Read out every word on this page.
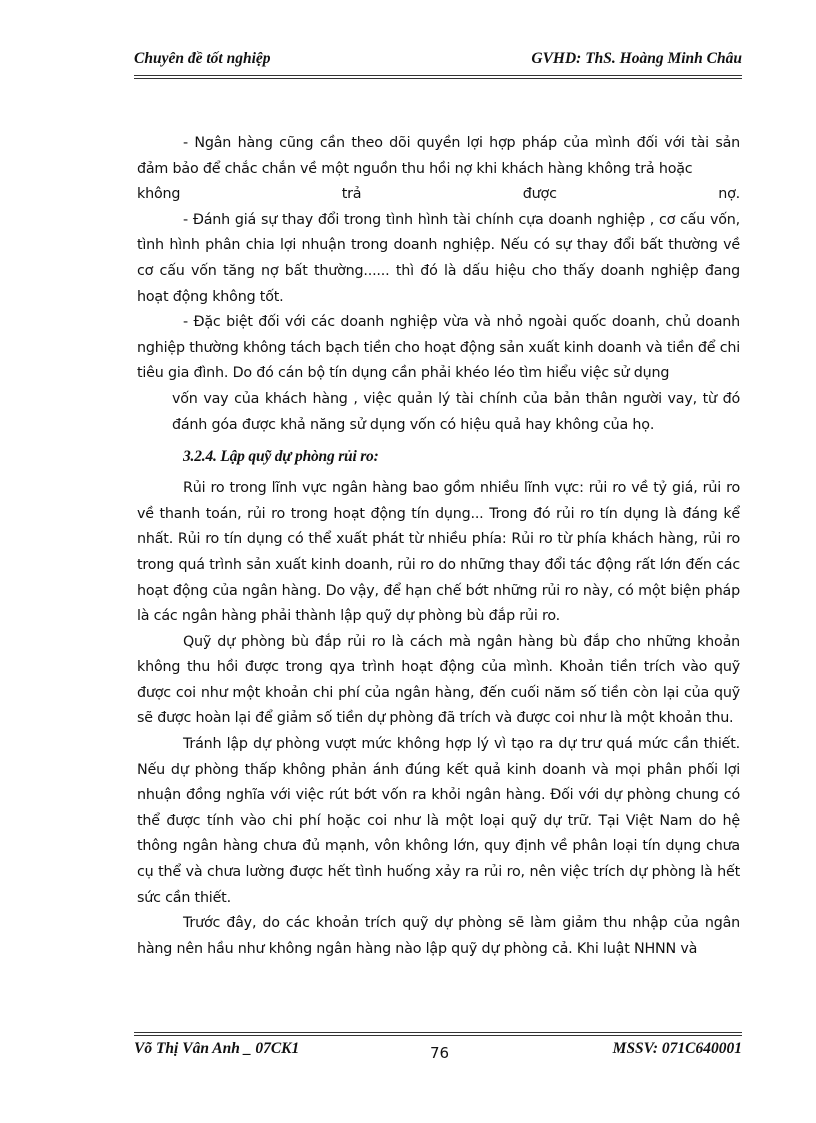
Chuyên đề tốt nghiệp	GVHD: ThS. Hoàng Minh Châu

- Ngân hàng cũng cần theo dõi quyền lợi hợp pháp của mình đối với tài sản đảm bảo để chắc chắn về một nguồn thu hồi nợ khi khách hàng không trả hoặc

không	trả	được	nợ.

- Đánh giá sự thay đổi trong tình hình tài chính cựa doanh nghiệp , cơ cấu vốn, tình hình phân chia lợi nhuận trong doanh nghiệp. Nếu có sự thay đổi bất thường về cơ cấu vốn tăng nợ bất thường...... thì đó là dấu hiệu cho thấy doanh nghiệp đang hoạt động không tốt.

- Đặc biệt đối với các doanh nghiệp vừa và nhỏ ngoài quốc doanh, chủ doanh nghiệp thường không tách bạch tiền cho hoạt động sản xuất kinh doanh và tiền để chi tiêu gia đình. Do đó cán bộ tín dụng cần phải khéo léo tìm hiểu việc sử dụng

vốn vay của khách hàng , việc quản lý tài chính của bản thân người vay, từ đó đánh góa được khả năng sử dụng vốn có hiệu quả hay không của họ.

3.2.4. Lập quỹ dự phòng rủi ro:

Rủi ro trong lĩnh vực ngân hàng bao gồm nhiều lĩnh vực: rủi ro về tỷ giá, rủi ro về thanh toán, rủi ro trong hoạt động tín dụng... Trong đó rủi ro tín dụng là đáng kể nhất. Rủi ro tín dụng có thể xuất phát từ nhiều phía: Rủi ro từ phía khách hàng, rủi ro trong quá trình sản xuất kinh doanh, rủi ro do những thay đổi tác động rất lớn đến các hoạt động của ngân hàng. Do vậy, để hạn chế bớt những rủi ro này, có một biện pháp là các ngân hàng phải thành lập quỹ dự phòng bù đắp rủi ro.

Quỹ dự phòng bù đắp rủi ro là cách mà ngân hàng bù đắp cho những khoản không thu hồi được trong qya trình hoạt động của mình. Khoản tiền trích vào quỹ được coi như một khoản chi phí của ngân hàng, đến cuối năm số tiền còn lại của quỹ sẽ được hoàn lại để giảm số tiền dự phòng đã trích và được coi như là một khoản thu.

Tránh lập dự phòng vượt mức không hợp lý vì tạo ra dự trư quá mức cần thiết. Nếu dự phòng thấp không phản ánh đúng kết quả kinh doanh và mọi phân phối lợi nhuận đồng nghĩa với việc rút bớt vốn ra khỏi ngân hàng. Đối với dự phòng chung có thể được tính vào chi phí hoặc coi như là một loại quỹ dự trữ. Tại Việt Nam do hệ thông ngân hàng chưa đủ mạnh, vôn không lớn, quy định về phân loại tín dụng chưa cụ thể và chưa lường được hết tình huống xảy ra rủi ro, nên việc trích dự phòng là hết sức cần thiết.

Trước đây, do các khoản trích quỹ dự phòng sẽ làm giảm thu nhập của ngân hàng nên hầu như không ngân hàng nào lập quỹ dự phòng cả. Khi luật NHNN và

Võ Thị Vân Anh _ 07CK1	76	MSSV: 071C640001
